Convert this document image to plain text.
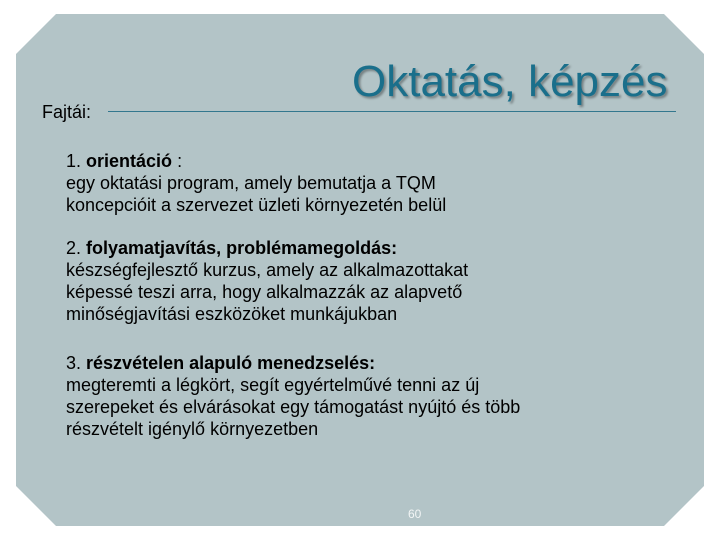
Oktatás, képzés
Fajtái:
1. orientáció :
egy oktatási program, amely bemutatja a TQM
koncepcióit a szervezet üzleti környezetén belül
2. folyamatjavítás, problémamegoldás:
készségfejlesztő kurzus, amely az alkalmazottakat
képessé teszi arra, hogy alkalmazzák az alapvető
minőségjavítási eszközöket munkájukban
3. részvételen alapuló menedzselés:
megteremti a légkört, segít egyértelművé tenni az új
szerepeket és elvárásokat egy támogatást nyújtó és több
részvételt igénylő környezetben
60
